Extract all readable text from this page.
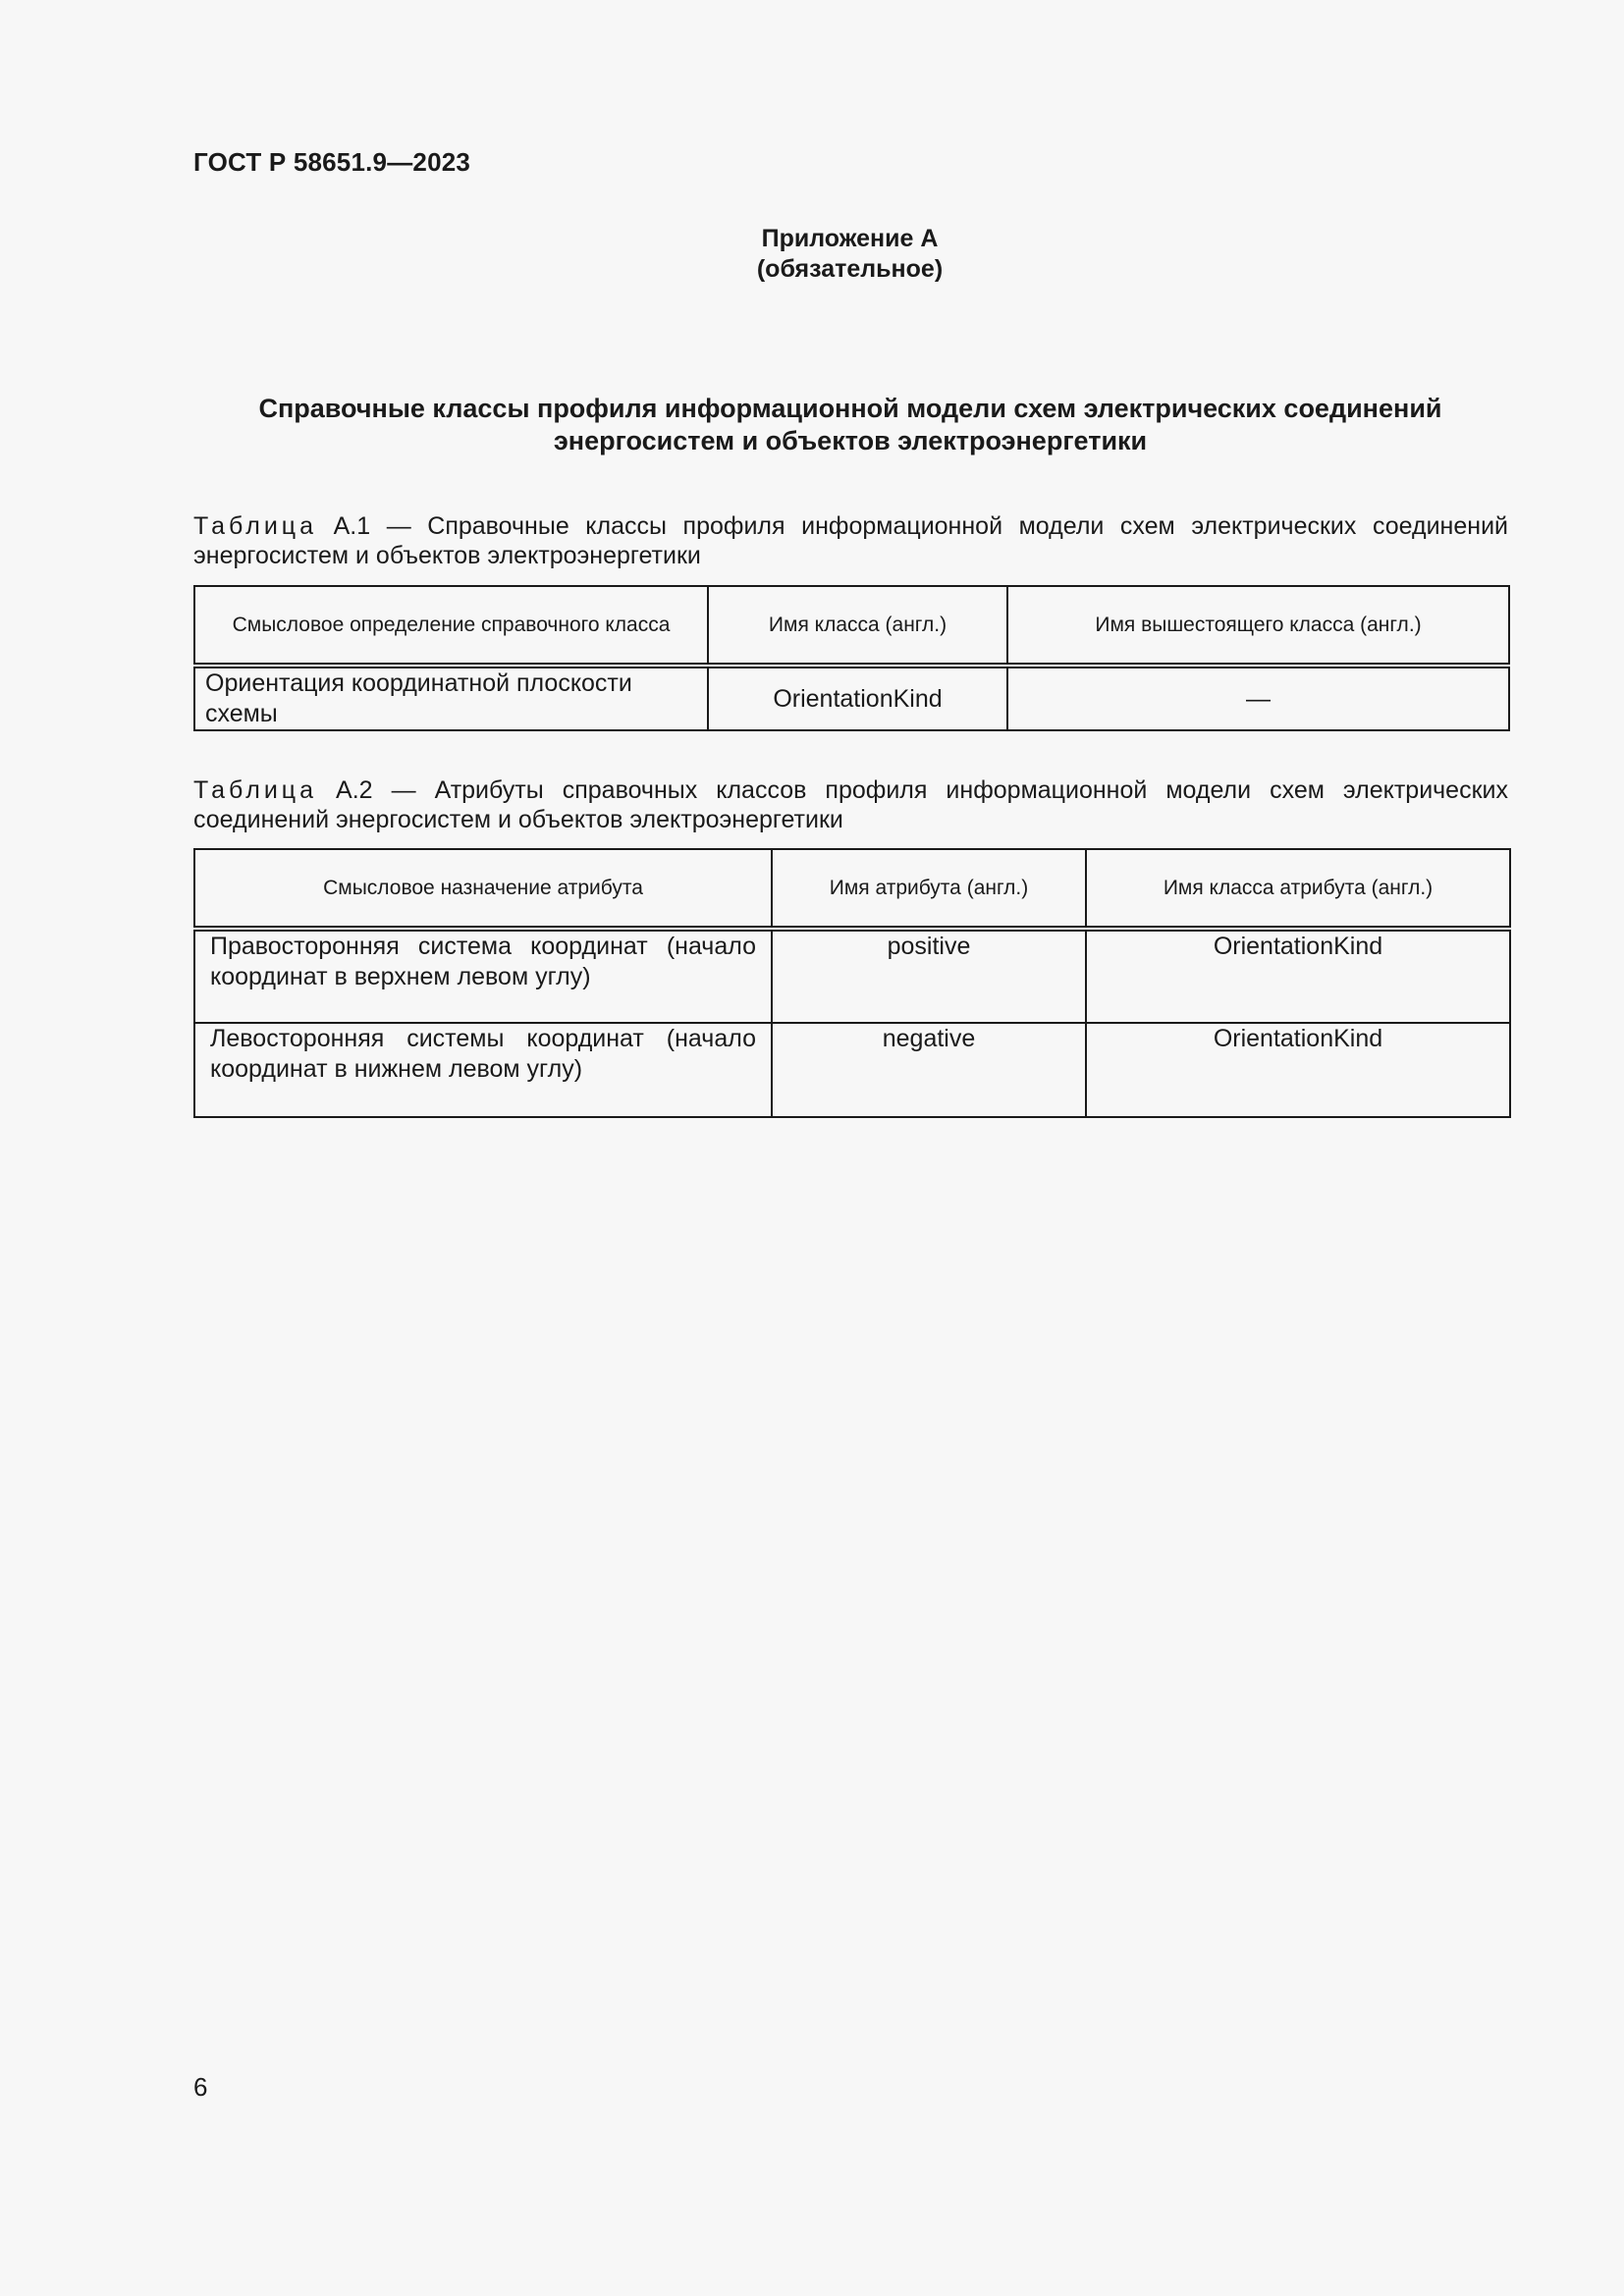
ГОСТ Р 58651.9—2023
Приложение А
(обязательное)
Справочные классы профиля информационной модели схем электрических соединений энергосистем и объектов электроэнергетики
Таблица А.1 — Справочные классы профиля информационной модели схем электрических соединений энергосистем и объектов электроэнергетики
Смысловое определение справочного класса	Имя класса (англ.)	Имя вышестоящего класса (англ.)
Ориентация координатной плоскости схемы	OrientationKind	—
Таблица А.2 — Атрибуты справочных классов профиля информационной модели схем электрических соединений энергосистем и объектов электроэнергетики
Смысловое назначение атрибута	Имя атрибута (англ.)	Имя класса атрибута (англ.)
Правосторонняя система координат (начало координат в верхнем левом углу)	positive	OrientationKind
Левосторонняя системы координат (начало координат в нижнем левом углу)	negative	OrientationKind
6
